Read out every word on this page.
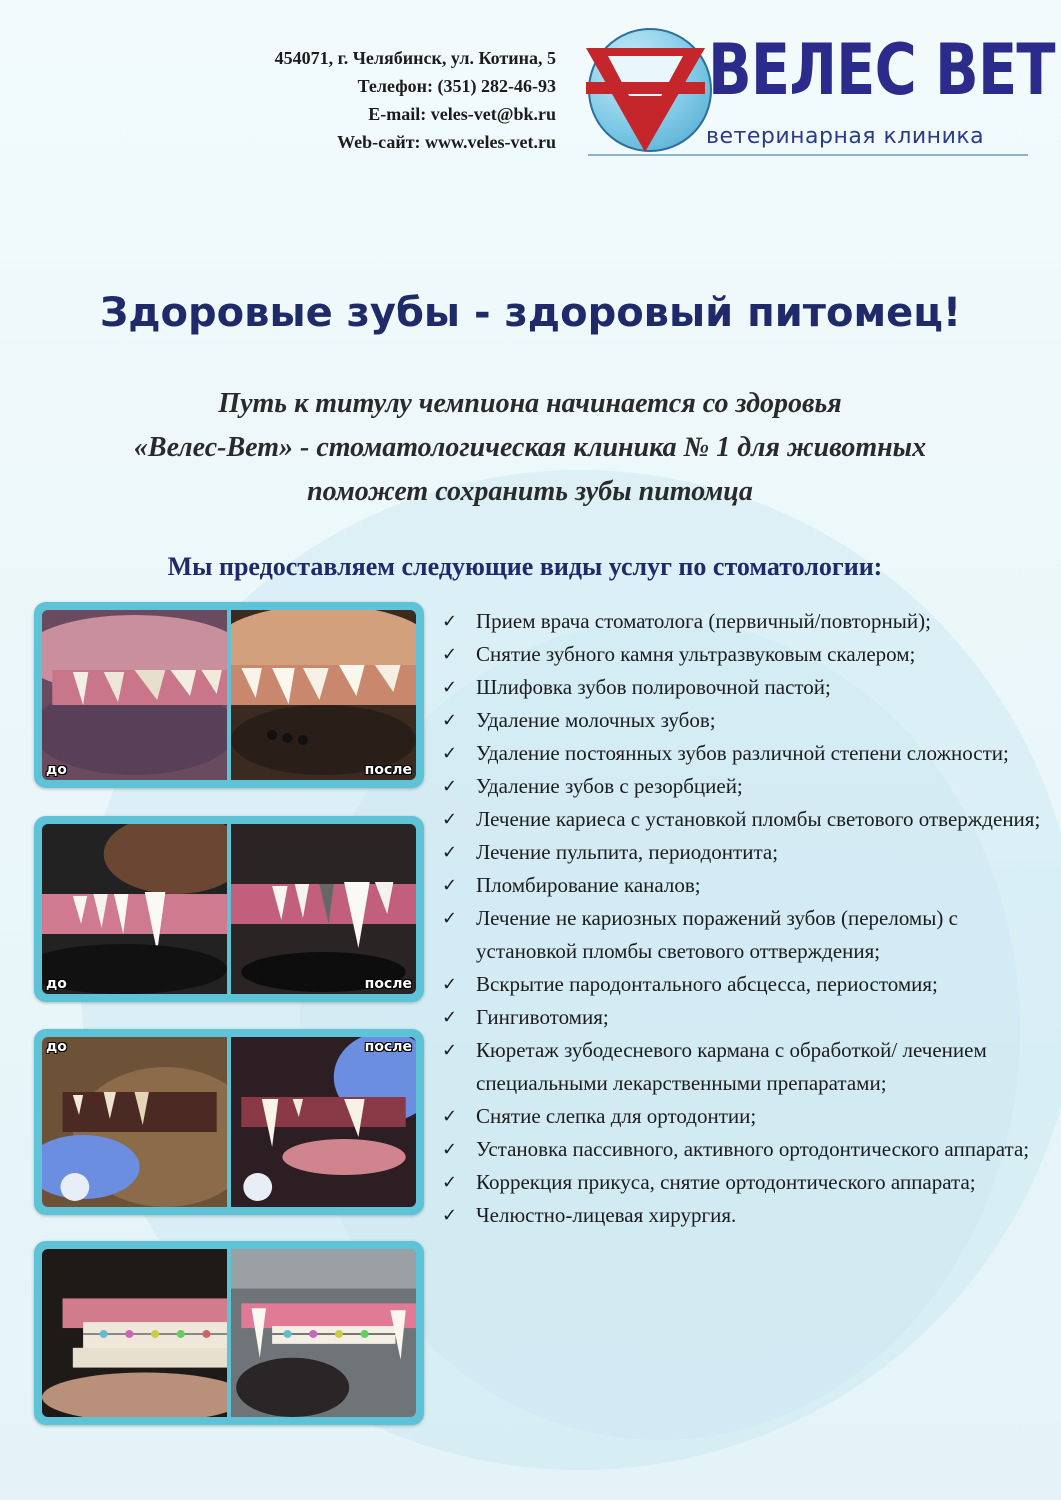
454071, г. Челябинск, ул. Котина, 5
Телефон: (351) 282-46-93
E-mail: veles-vet@bk.ru
Web-сайт: www.veles-vet.ru
ВЕЛЕС ВЕТ
ветеринарная клиника
Здоровые зубы - здоровый питомец!
Путь к титулу чемпиона начинается со здоровья
«Велес-Вет» - стоматологическая клиника № 1 для животных
поможет сохранить зубы питомца
Мы предоставляем следующие виды услуг по стоматологии:
до	после
до	после
до	после
✓ Прием врача стоматолога (первичный/повторный);
✓ Снятие зубного камня ультразвуковым скалером;
✓ Шлифовка зубов полировочной пастой;
✓ Удаление молочных зубов;
✓ Удаление постоянных зубов различной степени сложности;
✓ Удаление зубов с резорбцией;
✓ Лечение кариеса с установкой пломбы светового отверждения;
✓ Лечение пульпита, периодонтита;
✓ Пломбирование каналов;
✓ Лечение не кариозных поражений зубов (переломы) с установкой пломбы светового оттверждения;
✓ Вскрытие пародонтального абсцесса, периостомия;
✓ Гингивотомия;
✓ Кюретаж зубодесневого кармана с обработкой/ лечением специальными лекарственными препаратами;
✓ Снятие слепка для ортодонтии;
✓ Установка пассивного, активного ортодонтического аппарата;
✓ Коррекция прикуса, снятие ортодонтического аппарата;
✓ Челюстно-лицевая хирургия.
